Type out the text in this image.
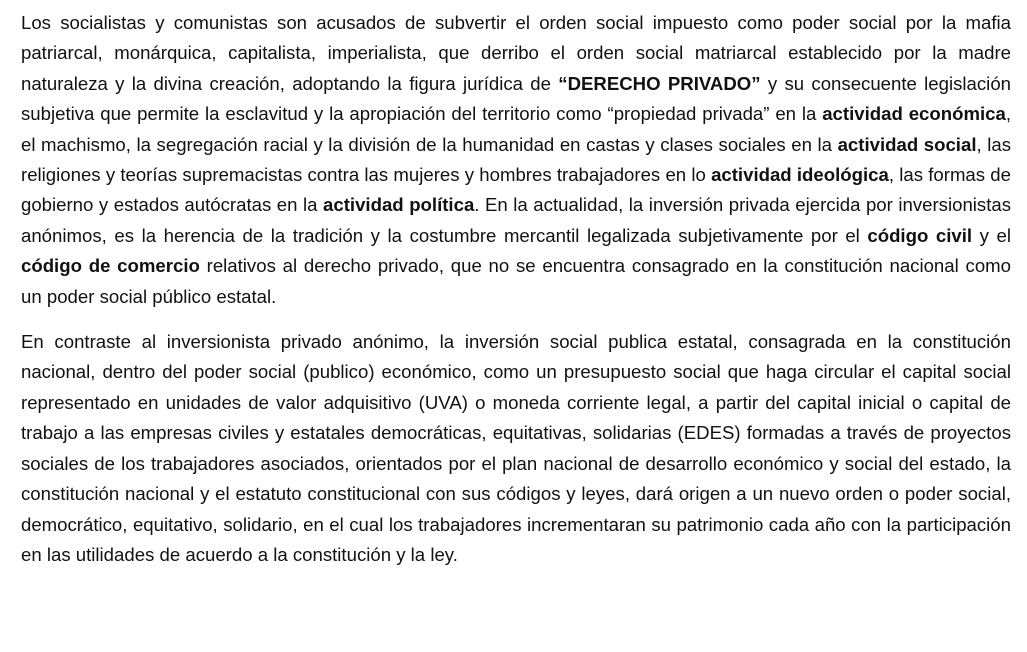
Los socialistas y comunistas son acusados de subvertir el orden social impuesto como poder social por la mafia patriarcal, monárquica, capitalista, imperialista, que derribo el orden social matriarcal establecido por la madre naturaleza y la divina creación, adoptando la figura jurídica de “DERECHO PRIVADO” y su consecuente legislación subjetiva que permite la esclavitud y la apropiación del territorio como “propiedad privada” en la actividad económica, el machismo, la segregación racial y la división de la humanidad en castas y clases sociales en la actividad social, las religiones y teorías supremacistas contra las mujeres y hombres trabajadores en lo actividad ideológica, las formas de gobierno y estados autócratas en la actividad política. En la actualidad, la inversión privada ejercida por inversionistas anónimos, es la herencia de la tradición y la costumbre mercantil legalizada subjetivamente por el código civil y el código de comercio relativos al derecho privado, que no se encuentra consagrado en la constitución nacional como un poder social público estatal.

En contraste al inversionista privado anónimo, la inversión social publica estatal, consagrada en la constitución nacional, dentro del poder social (publico) económico, como un presupuesto social que haga circular el capital social representado en unidades de valor adquisitivo (UVA) o moneda corriente legal, a partir del capital inicial o capital de trabajo a las empresas civiles y estatales democráticas, equitativas, solidarias (EDES) formadas a través de proyectos sociales de los trabajadores asociados, orientados por el plan nacional de desarrollo económico y social del estado, la constitución nacional y el estatuto constitucional con sus códigos y leyes, dará origen a un nuevo orden o poder social, democrático, equitativo, solidario, en el cual los trabajadores incrementaran su patrimonio cada año con la participación en las utilidades de acuerdo a la constitución y la ley.
